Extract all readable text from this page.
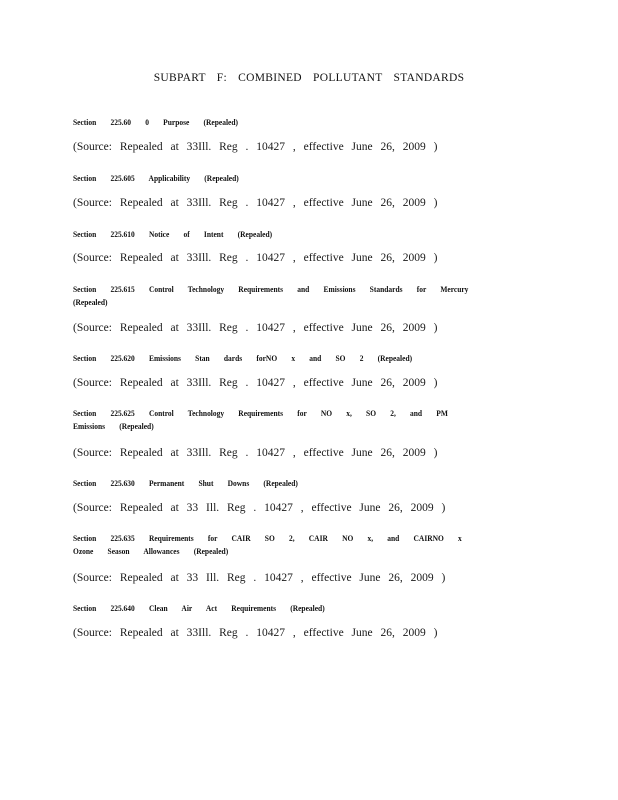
SUBPART F: COMBINED POLLUTANT STANDARDS
Section 225.60 0 Purpose (Repealed)
(Source: Repealed at 33Ill. Reg . 10427 , effective June 26, 2009 )
Section 225.605 Applicability (Repealed)
(Source: Repealed at 33Ill. Reg . 10427 , effective June 26, 2009 )
Section 225.610 Notice of Intent (Repealed)
(Source: Repealed at 33Ill. Reg . 10427 , effective June 26, 2009 )
Section 225.615 Control Technology Requirements and Emissions Standards for Mercury (Repealed)
(Source: Repealed at 33Ill. Reg . 10427 , effective June 26, 2009 )
Section 225.620 Emissions Stan dards forNO x and SO 2 (Repealed)
(Source: Repealed at 33Ill. Reg . 10427 , effective June 26, 2009 )
Section 225.625 Control Technology Requirements for NO x, SO 2, and PM Emissions (Repealed)
(Source: Repealed at 33Ill. Reg . 10427 , effective June 26, 2009 )
Section 225.630 Permanent Shut Downs (Repealed)
(Source: Repealed at 33 Ill. Reg . 10427 , effective June 26, 2009 )
Section 225.635 Requirements for CAIR SO 2, CAIR NO x, and CAIRNO x Ozone Season Allowances (Repealed)
(Source: Repealed at 33 Ill. Reg . 10427 , effective June 26, 2009 )
Section 225.640 Clean Air Act Requirements (Repealed)
(Source: Repealed at 33Ill. Reg . 10427 , effective June 26, 2009 )
